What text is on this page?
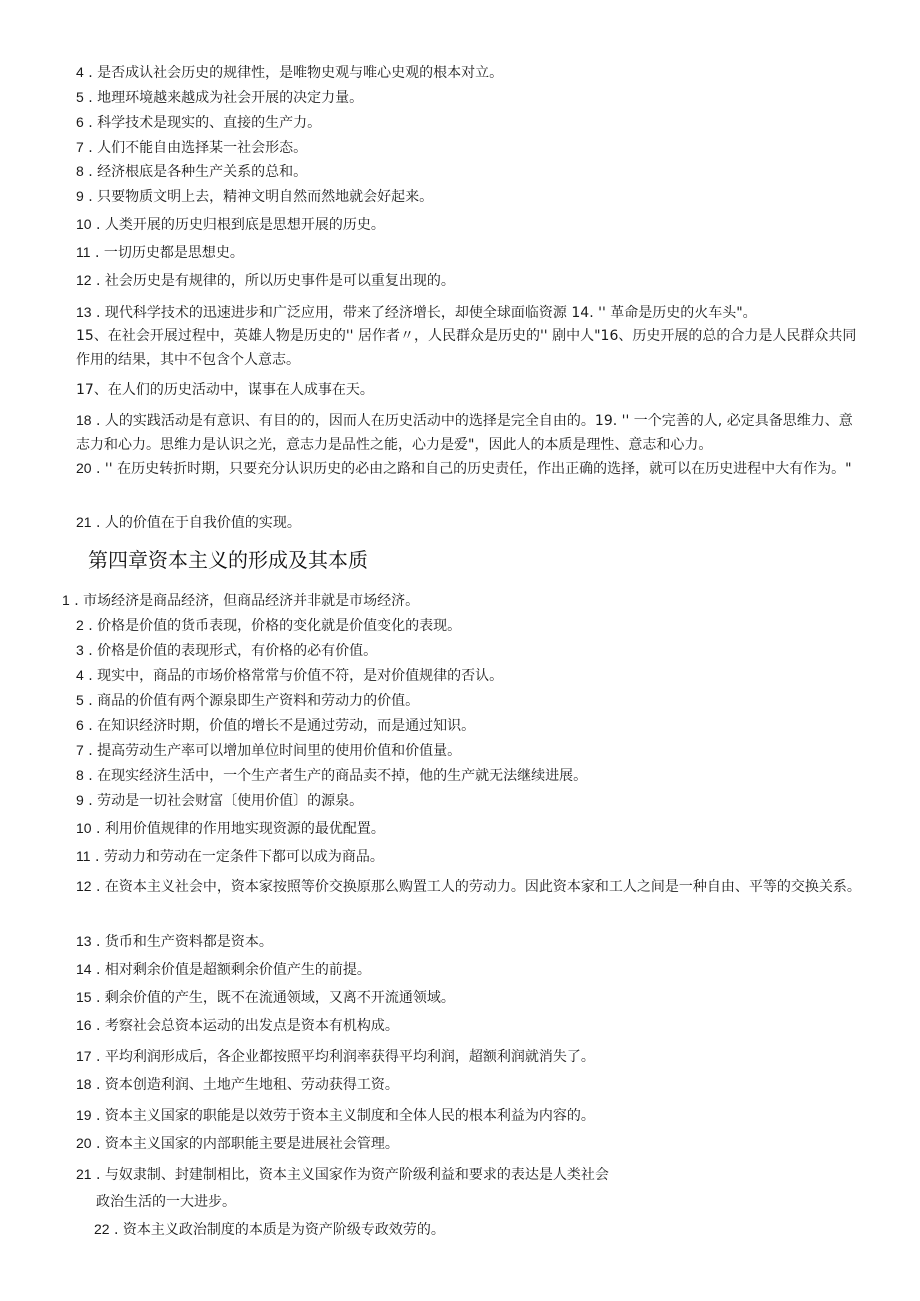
4 . 是否成认社会历史的规律性，是唯物史观与唯心史观的根本对立。
5 . 地理环境越来越成为社会开展的决定力量。
6 . 科学技术是现实的、直接的生产力。
7 . 人们不能自由选择某一社会形态。
8 . 经济根底是各种生产关系的总和。
9 . 只要物质文明上去，精神文明自然而然地就会好起来。
10 . 人类开展的历史归根到底是思想开展的历史。
11 . 一切历史都是思想史。
12 . 社会历史是有规律的，所以历史事件是可以重复出现的。
13 . 现代科学技术的迅速进步和广泛应用，带来了经济增长，却使全球面临资源 14. '' 革命是历史的火车头"。
15、在社会开展过程中，英雄人物是历史的'' 居作者〃，人民群众是历史的'' 剧中人"16、历史开展的总的合力是人民群众共同作用的结果，其中不包含个人意志。
17、在人们的历史活动中，谋事在人成事在天。
18 . 人的实践活动是有意识、有目的的，因而人在历史活动中的选择是完全自由的。19. '' 一个完善的人, 必定具备思维力、意志力和心力。思维力是认识之光，意志力是品性之能，心力是爱"，因此人的本质是理性、意志和心力。
20 . '' 在历史转折时期，只要充分认识历史的必由之路和自己的历史责任，作出正确的选择，就可以在历史进程中大有作为。"
21 . 人的价值在于自我价值的实现。
第四章资本主义的形成及其本质
1 . 市场经济是商品经济，但商品经济并非就是市场经济。
2 . 价格是价值的货币表现，价格的变化就是价值变化的表现。
3 . 价格是价值的表现形式，有价格的必有价值。
4 . 现实中，商品的市场价格常常与价值不符，是对价值规律的否认。
5 . 商品的价值有两个源泉即生产资料和劳动力的价值。
6 . 在知识经济时期，价值的增长不是通过劳动，而是通过知识。
7 . 提高劳动生产率可以增加单位时间里的使用价值和价值量。
8 . 在现实经济生活中，一个生产者生产的商品卖不掉，他的生产就无法继续进展。
9 . 劳动是一切社会财富〔使用价值〕的源泉。
10 . 利用价值规律的作用地实现资源的最优配置。
11 . 劳动力和劳动在一定条件下都可以成为商品。
12 . 在资本主义社会中，资本家按照等价交换原那么购置工人的劳动力。因此资本家和工人之间是一种自由、平等的交换关系。
13 . 货币和生产资料都是资本。
14 . 相对剩余价值是超额剩余价值产生的前提。
15 . 剩余价值的产生，既不在流通领域，又离不开流通领域。
16 . 考察社会总资本运动的出发点是资本有机构成。
17 . 平均利润形成后，各企业都按照平均利润率获得平均利润，超额利润就消失了。
18 . 资本创造利润、土地产生地租、劳动获得工资。
19 . 资本主义国家的职能是以效劳于资本主义制度和全体人民的根本利益为内容的。
20 . 资本主义国家的内部职能主要是进展社会管理。
21 . 与奴隶制、封建制相比，资本主义国家作为资产阶级利益和要求的表达是人类社会
政治生活的一大进步。
22 . 资本主义政治制度的本质是为资产阶级专政效劳的。
